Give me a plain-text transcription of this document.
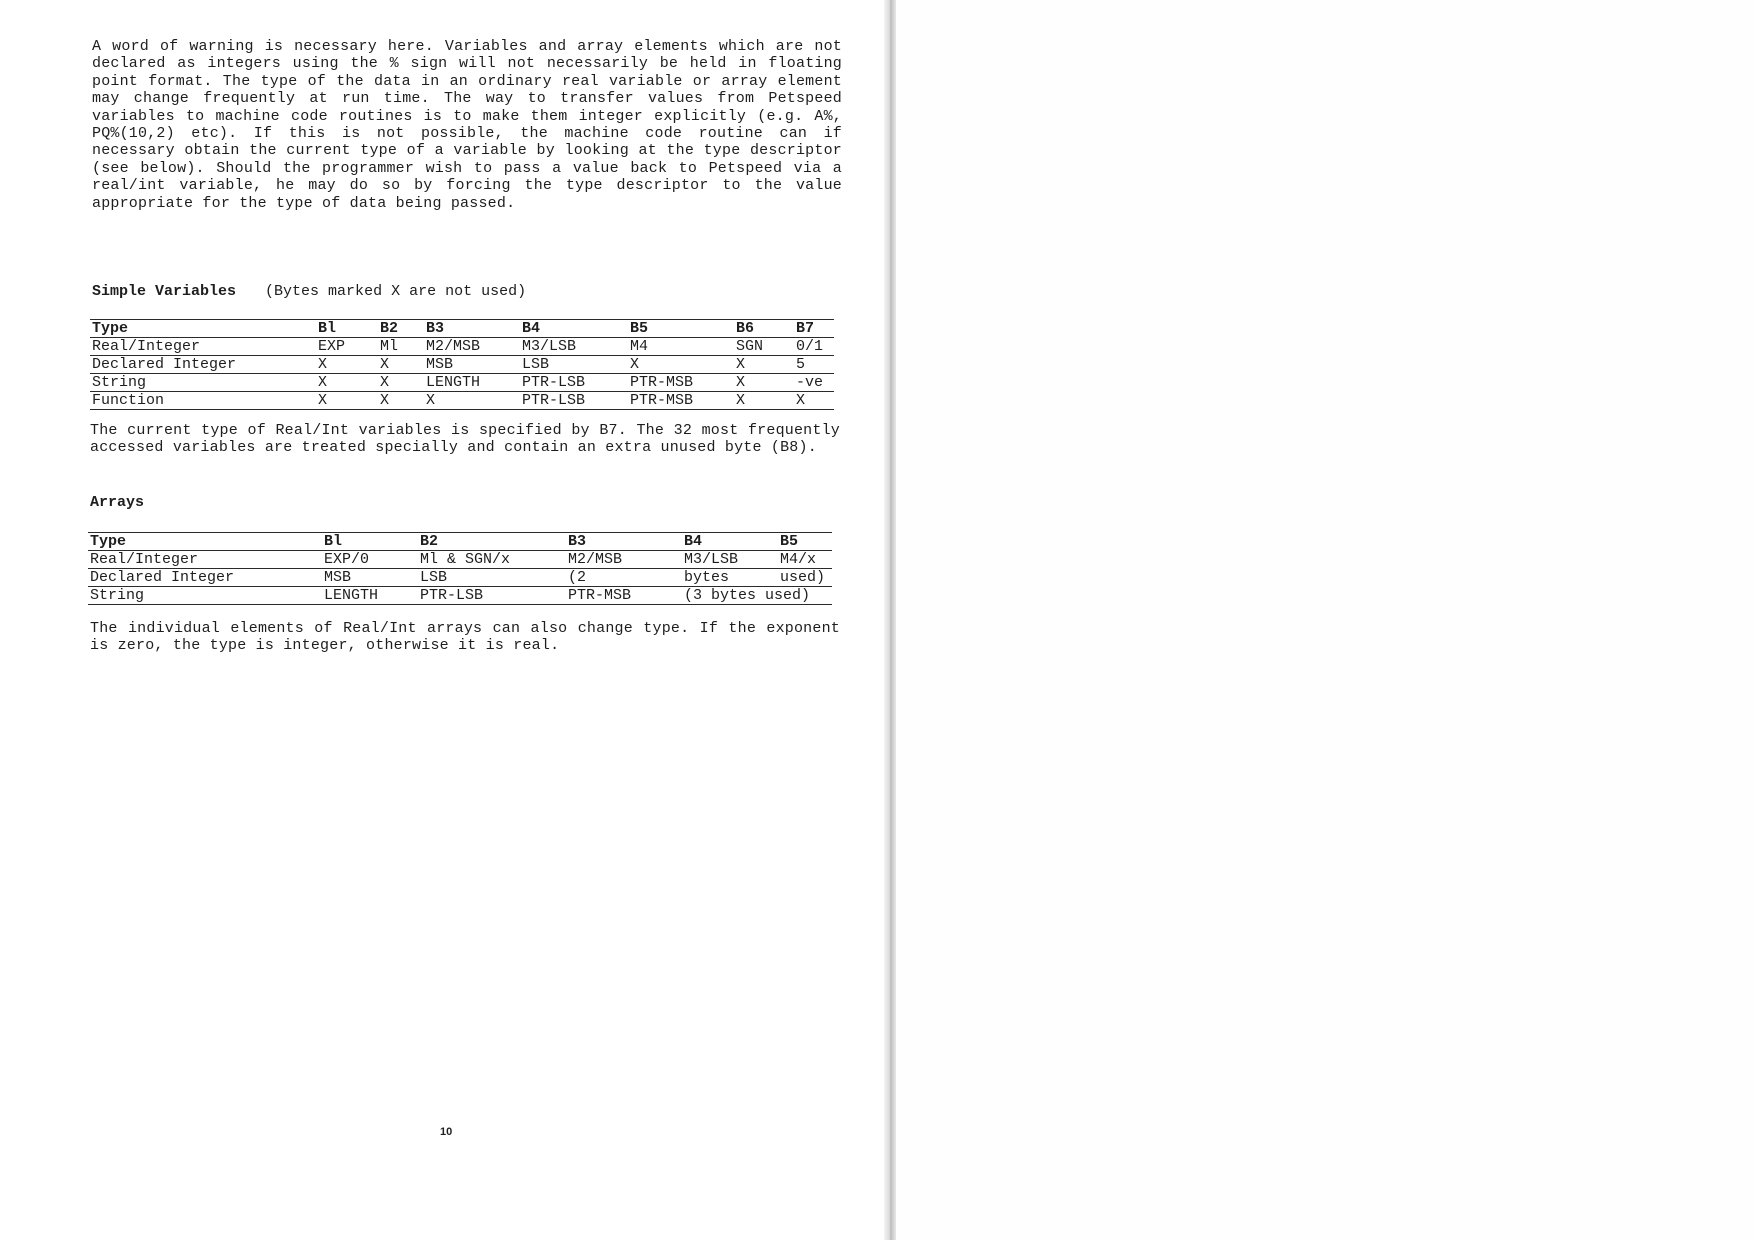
A word of warning is necessary here. Variables and array elements which are not declared as integers using the % sign will not necessarily be held in floating point format. The type of the data in an ordinary real variable or array element may change frequently at run time. The way to transfer values from Petspeed variables to machine code routines is to make them integer explicitly (e.g. A%, PQ%(10,2) etc). If this is not possible, the machine code routine can if necessary obtain the current type of a variable by looking at the type descriptor (see below). Should the programmer wish to pass a value back to Petspeed via a real/int variable, he may do so by forcing the type descriptor to the value appropriate for the type of data being passed.

Simple Variables (Bytes marked X are not used)
Type	Bl	B2	B3	B4	B5	B6	B7
Real/Integer	EXP	Ml	M2/MSB	M3/LSB	M4	SGN	0/1
Declared Integer	X	X	MSB	LSB	X	X	5
String	X	X	LENGTH	PTR-LSB	PTR-MSB	X	-ve
Function	X	X	X	PTR-LSB	PTR-MSB	X	X

The current type of Real/Int variables is specified by B7. The 32 most frequently accessed variables are treated specially and contain an extra unused byte (B8).

Arrays
Type	Bl	B2	B3	B4	B5
Real/Integer	EXP/0	Ml & SGN/x	M2/MSB	M3/LSB	M4/x
Declared Integer	MSB	LSB	(2	bytes	used)
String	LENGTH	PTR-LSB	PTR-MSB	(3 bytes used)	

The individual elements of Real/Int arrays can also change type. If the exponent is zero, the type is integer, otherwise it is real.

10
